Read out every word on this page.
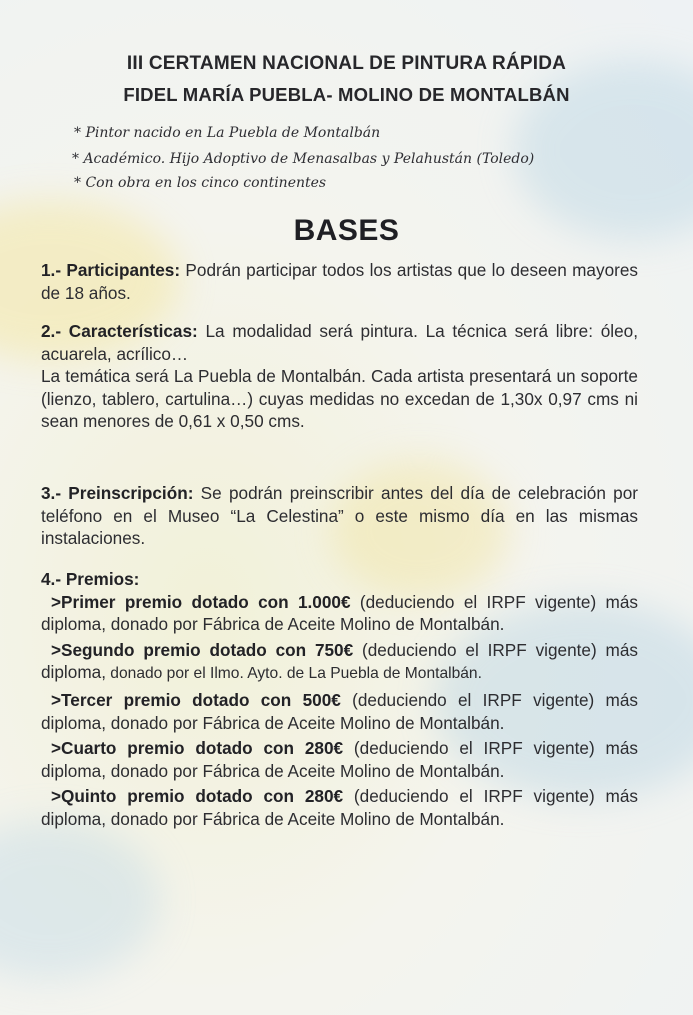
III CERTAMEN NACIONAL DE PINTURA RÁPIDA
FIDEL MARÍA PUEBLA- MOLINO DE MONTALBÁN
* Pintor nacido en La Puebla de Montalbán
* Académico. Hijo Adoptivo de Menasalbas y Pelahustán (Toledo)
* Con obra en los cinco continentes
BASES
1.- Participantes: Podrán participar todos los artistas que lo deseen mayores de 18 años.
2.- Características: La modalidad será pintura. La técnica será libre: óleo, acuarela, acrílico…
La temática será La Puebla de Montalbán. Cada artista presentará un soporte (lienzo, tablero, cartulina…) cuyas medidas no excedan de 1,30x 0,97 cms ni sean menores de 0,61 x 0,50 cms.
3.- Preinscripción: Se podrán preinscribir antes del día de celebración por teléfono en el Museo “La Celestina” o este mismo día en las mismas instalaciones.
4.- Premios:
>Primer premio dotado con 1.000€ (deduciendo el IRPF vigente) más diploma, donado por Fábrica de Aceite Molino de Montalbán.
>Segundo premio dotado con 750€ (deduciendo el IRPF vigente) más diploma, donado por el Ilmo. Ayto. de La Puebla de Montalbán.
>Tercer premio dotado con 500€ (deduciendo el IRPF vigente) más diploma, donado por Fábrica de Aceite Molino de Montalbán.
>Cuarto premio dotado con 280€ (deduciendo el IRPF vigente) más diploma, donado por Fábrica de Aceite Molino de Montalbán.
>Quinto premio dotado con 280€ (deduciendo el IRPF vigente) más diploma, donado por Fábrica de Aceite Molino de Montalbán.
